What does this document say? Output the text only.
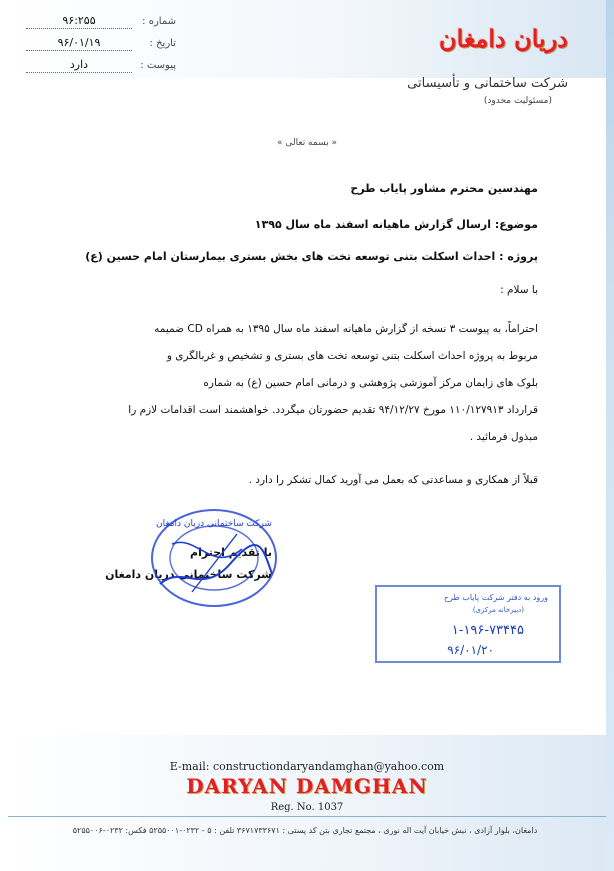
شماره :
۹۶:۲۵۵
تاریخ :
۹۶/۰۱/۱۹
پیوست :
دارد
دریان دامغان
شرکت ساختمانی و تأسیساتی
(مسئولیت محدود)
« بسمه تعالی »
مهندسین محترم مشاور پایاب طرح
موضوع: ارسال گزارش ماهیانه اسفند ماه سال ۱۳۹۵
پروژه : احداث اسکلت بتنی توسعه تخت های بخش بستری بیمارستان امام حسین (ع)
با سلام :
احتراماً، به پیوست ۳ نسخه از گزارش ماهیانه اسفند ماه سال ۱۳۹۵ به همراه CD ضمیمه
مربوط به پروژه احداث اسکلت بتنی توسعه تخت های بستری و تشخیص و غربالگری و
بلوک های زایمان مرکز آموزشی پژوهشی و درمانی امام حسین (ع) به شماره
قرارداد ۱۱۰/۱۲۷۹۱۳ مورخ ۹۴/۱۲/۲۷ تقدیم حضورتان میگردد. خواهشمند است اقدامات لازم را
مبذول فرمائید .
قبلاً از همکاری و مساعدتی که بعمل می آورید کمال تشکر را دارد .
با تقدیم احترام
شرکت ساختمانی دریان دامغان
شرکت ساختمانی دریان دامغان
ورود به دفتر شرکت پایاب طرح
(دبیرخانه مرکزی)
۱-۱۹۶-۷۳۴۴۵
۹۶/۰۱/۲۰
E-mail: constructiondaryandamghan@yahoo.com
DARYAN DAMGHAN
Reg. No. 1037
دامغان، بلوار آزادی ، نبش خیابان آیت اله نوری ، مجتمع تجاری بتن کد پستی : ۳۶۷۱۷۳۳۶۷۱ تلفن : ۵ - ۰۲۳۲-۵۲۵۵۰۰۱ فکس: ۰۲۳۲-۵۲۵۵۰۰۶
